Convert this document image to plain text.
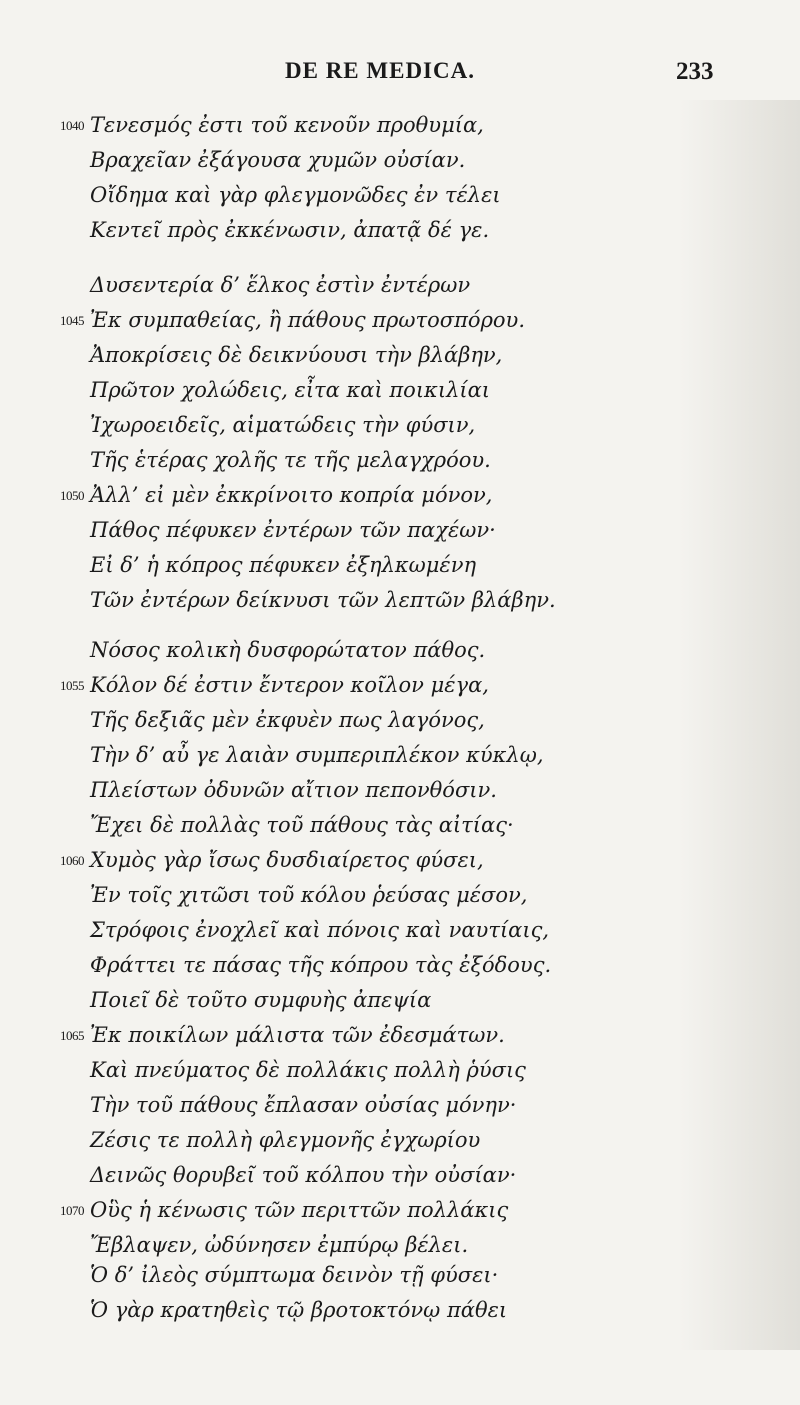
DE RE MEDICA.	233
1040 Τενεσμός ἐστι τοῦ κενοῦν προθυμία,
Βραχεῖαν ἐξάγουσα χυμῶν οὐσίαν.
Οἴδημα καὶ γὰρ φλεγμονῶδες ἐν τέλει
Κεντεῖ πρὸς ἐκκένωσιν, ἀπατᾷ δέ γε.
Δυσεντερία δ’ ἕλκος ἐστὶν ἐντέρων
1045 Ἐκ συμπαθείας, ἢ πάθους πρωτοσπόρου.
Ἀποκρίσεις δὲ δεικνύουσι τὴν βλάβην,
Πρῶτον χολώδεις, εἶτα καὶ ποικιλίαι
Ἰχωροειδεῖς, αἱματώδεις τὴν φύσιν,
Τῆς ἑτέρας χολῆς τε τῆς μελαγχρόου.
1050 Ἀλλ’ εἰ μὲν ἐκκρίνοιτο κοπρία μόνον,
Πάθος πέφυκεν ἐντέρων τῶν παχέων·
Εἰ δ’ ἡ κόπρος πέφυκεν ἐξηλκωμένη
Τῶν ἐντέρων δείκνυσι τῶν λεπτῶν βλάβην.
Νόσος κολικὴ δυσφορώτατον πάθος.
1055 Κόλον δέ ἐστιν ἔντερον κοῖλον μέγα,
Τῆς δεξιᾶς μὲν ἐκφυὲν πως λαγόνος,
Τὴν δ’ αὖ γε λαιὰν συμπεριπλέκον κύκλῳ,
Πλείστων ὀδυνῶν αἴτιον πεπονθόσιν.
Ἔχει δὲ πολλὰς τοῦ πάθους τὰς αἰτίας·
1060 Χυμὸς γὰρ ἴσως δυσδιαίρετος φύσει,
Ἐν τοῖς χιτῶσι τοῦ κόλου ῥεύσας μέσον,
Στρόφοις ἐνοχλεῖ καὶ πόνοις καὶ ναυτίαις,
Φράττει τε πάσας τῆς κόπρου τὰς ἐξόδους.
Ποιεῖ δὲ τοῦτο συμφυὴς ἀπεψία
1065 Ἐκ ποικίλων μάλιστα τῶν ἐδεσμάτων.
Καὶ πνεύματος δὲ πολλάκις πολλὴ ῥύσις
Τὴν τοῦ πάθους ἔπλασαν οὐσίας μόνην·
Ζέσις τε πολλὴ φλεγμονῆς ἐγχωρίου
Δεινῶς θορυβεῖ τοῦ κόλπου τὴν οὐσίαν·
1070 Οὓς ἡ κένωσις τῶν περιττῶν πολλάκις
Ἔβλαψεν, ὠδύνησεν ἐμπύρῳ βέλει.
Ὁ δ’ ἰλεὸς σύμπτωμα δεινὸν τῇ φύσει·
Ὁ γὰρ κρατηθεὶς τῷ βροτοκτόνῳ πάθει
